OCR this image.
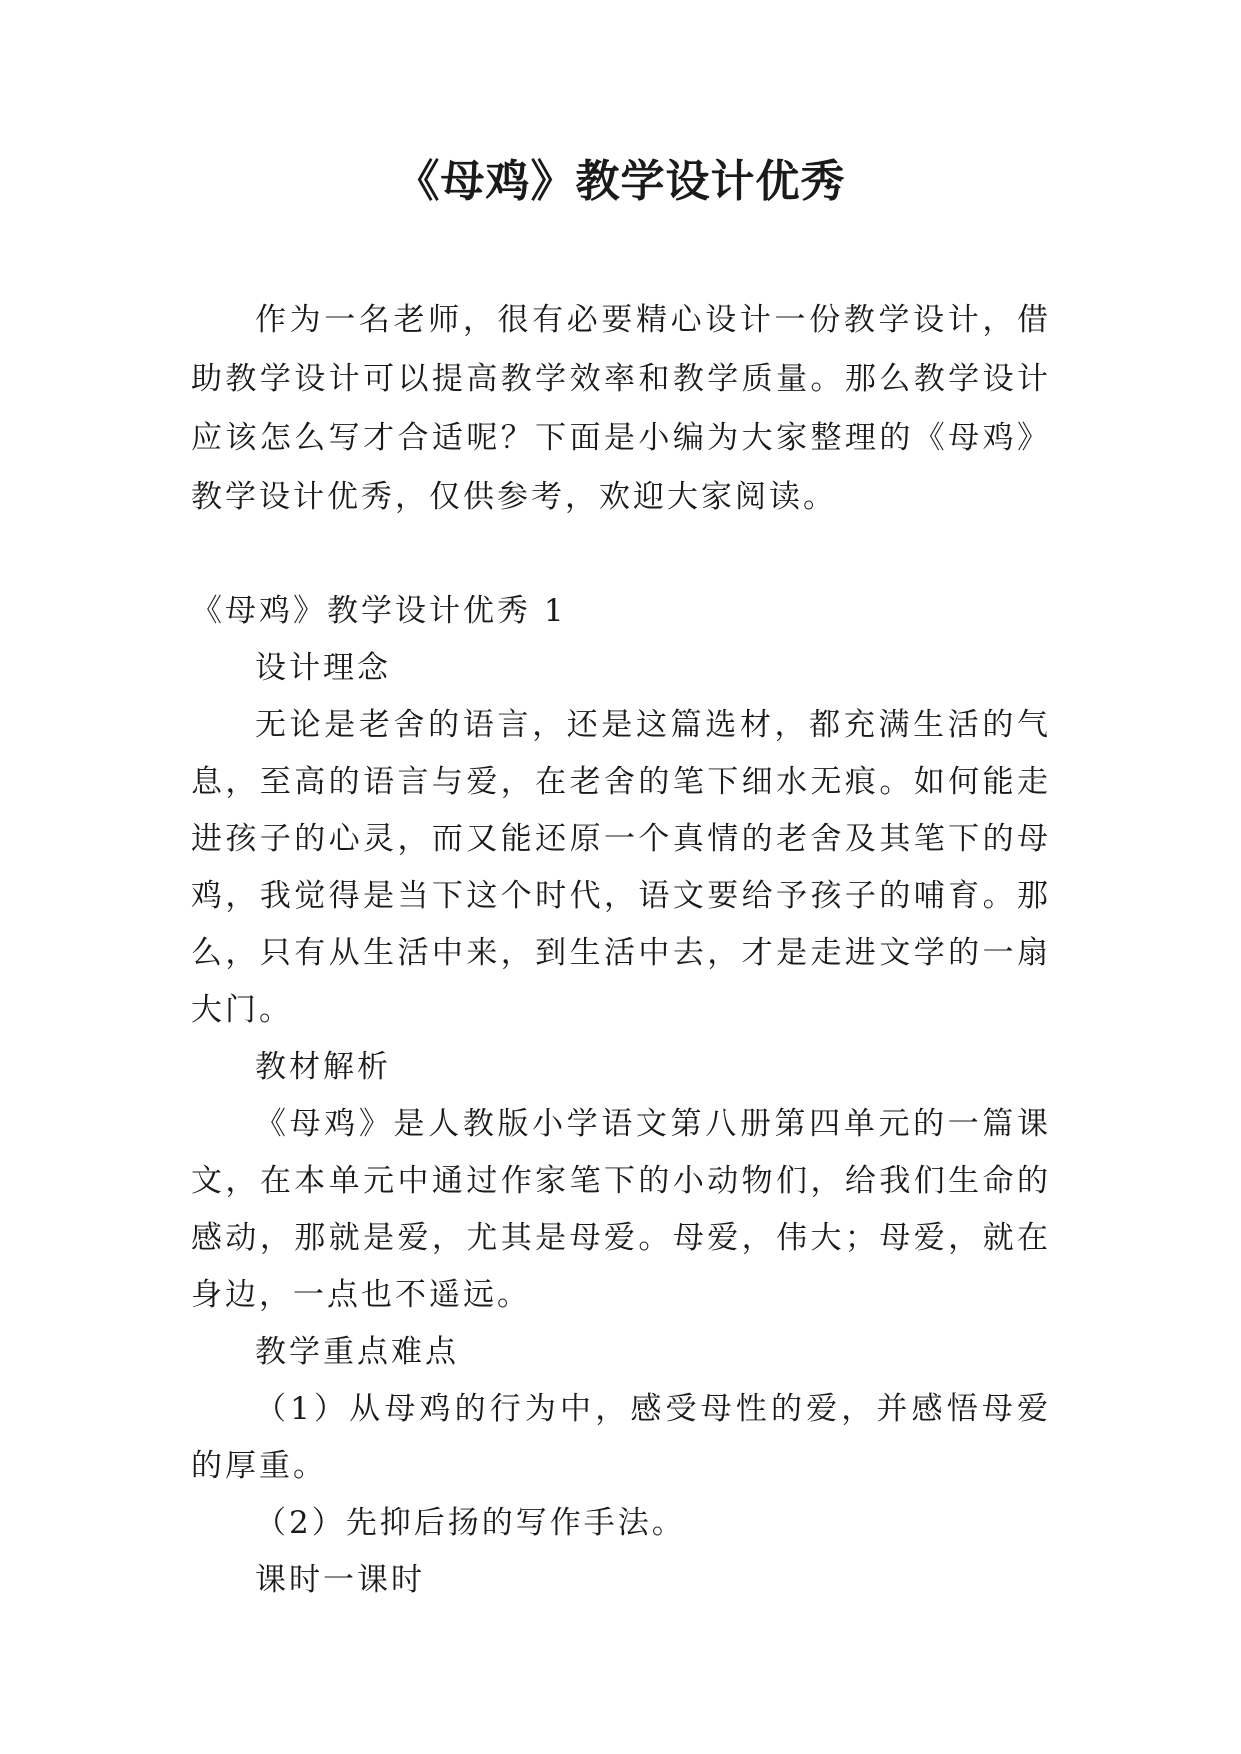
《母鸡》教学设计优秀

作为一名老师，很有必要精心设计一份教学设计，借助教学设计可以提高教学效率和教学质量。那么教学设计应该怎么写才合适呢？下面是小编为大家整理的《母鸡》教学设计优秀，仅供参考，欢迎大家阅读。

《母鸡》教学设计优秀 1
设计理念

无论是老舍的语言，还是这篇选材，都充满生活的气息，至高的语言与爱，在老舍的笔下细水无痕。如何能走进孩子的心灵，而又能还原一个真情的老舍及其笔下的母鸡，我觉得是当下这个时代，语文要给予孩子的哺育。那么，只有从生活中来，到生活中去，才是走进文学的一扇大门。

教材解析

《母鸡》是人教版小学语文第八册第四单元的一篇课文，在本单元中通过作家笔下的小动物们，给我们生命的感动，那就是爱，尤其是母爱。母爱，伟大；母爱，就在身边，一点也不遥远。

教学重点难点

（1）从母鸡的行为中，感受母性的爱，并感悟母爱的厚重。

（2）先抑后扬的写作手法。

课时一课时
